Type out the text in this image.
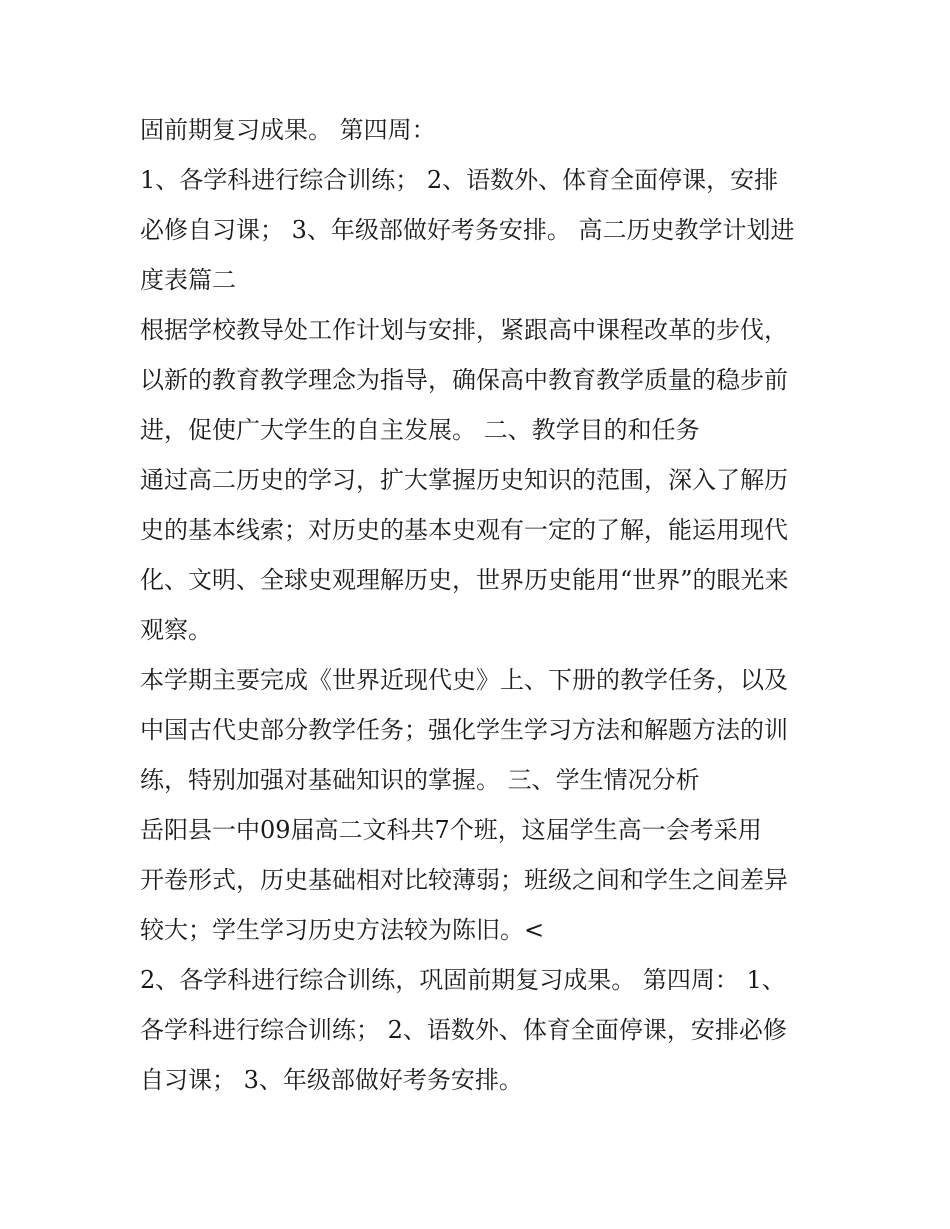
固前期复习成果。 第四周：
1、各学科进行综合训练； 2、语数外、体育全面停课，安排
必修自习课； 3、年级部做好考务安排。 高二历史教学计划进
度表篇二
根据学校教导处工作计划与安排，紧跟高中课程改革的步伐，
以新的教育教学理念为指导，确保高中教育教学质量的稳步前
进，促使广大学生的自主发展。 二、教学目的和任务
通过高二历史的学习，扩大掌握历史知识的范围，深入了解历
史的基本线索；对历史的基本史观有一定的了解，能运用现代
化、文明、全球史观理解历史，世界历史能用“世界”的眼光来
观察。
本学期主要完成《世界近现代史》上、下册的教学任务，以及
中国古代史部分教学任务；强化学生学习方法和解题方法的训
练，特别加强对基础知识的掌握。 三、学生情况分析
岳阳县一中09届高二文科共7个班，这届学生高一会考采用
开卷形式，历史基础相对比较薄弱；班级之间和学生之间差异
较大；学生学习历史方法较为陈旧。<
2、各学科进行综合训练，巩固前期复习成果。 第四周： 1、
各学科进行综合训练； 2、语数外、体育全面停课，安排必修
自习课； 3、年级部做好考务安排。
